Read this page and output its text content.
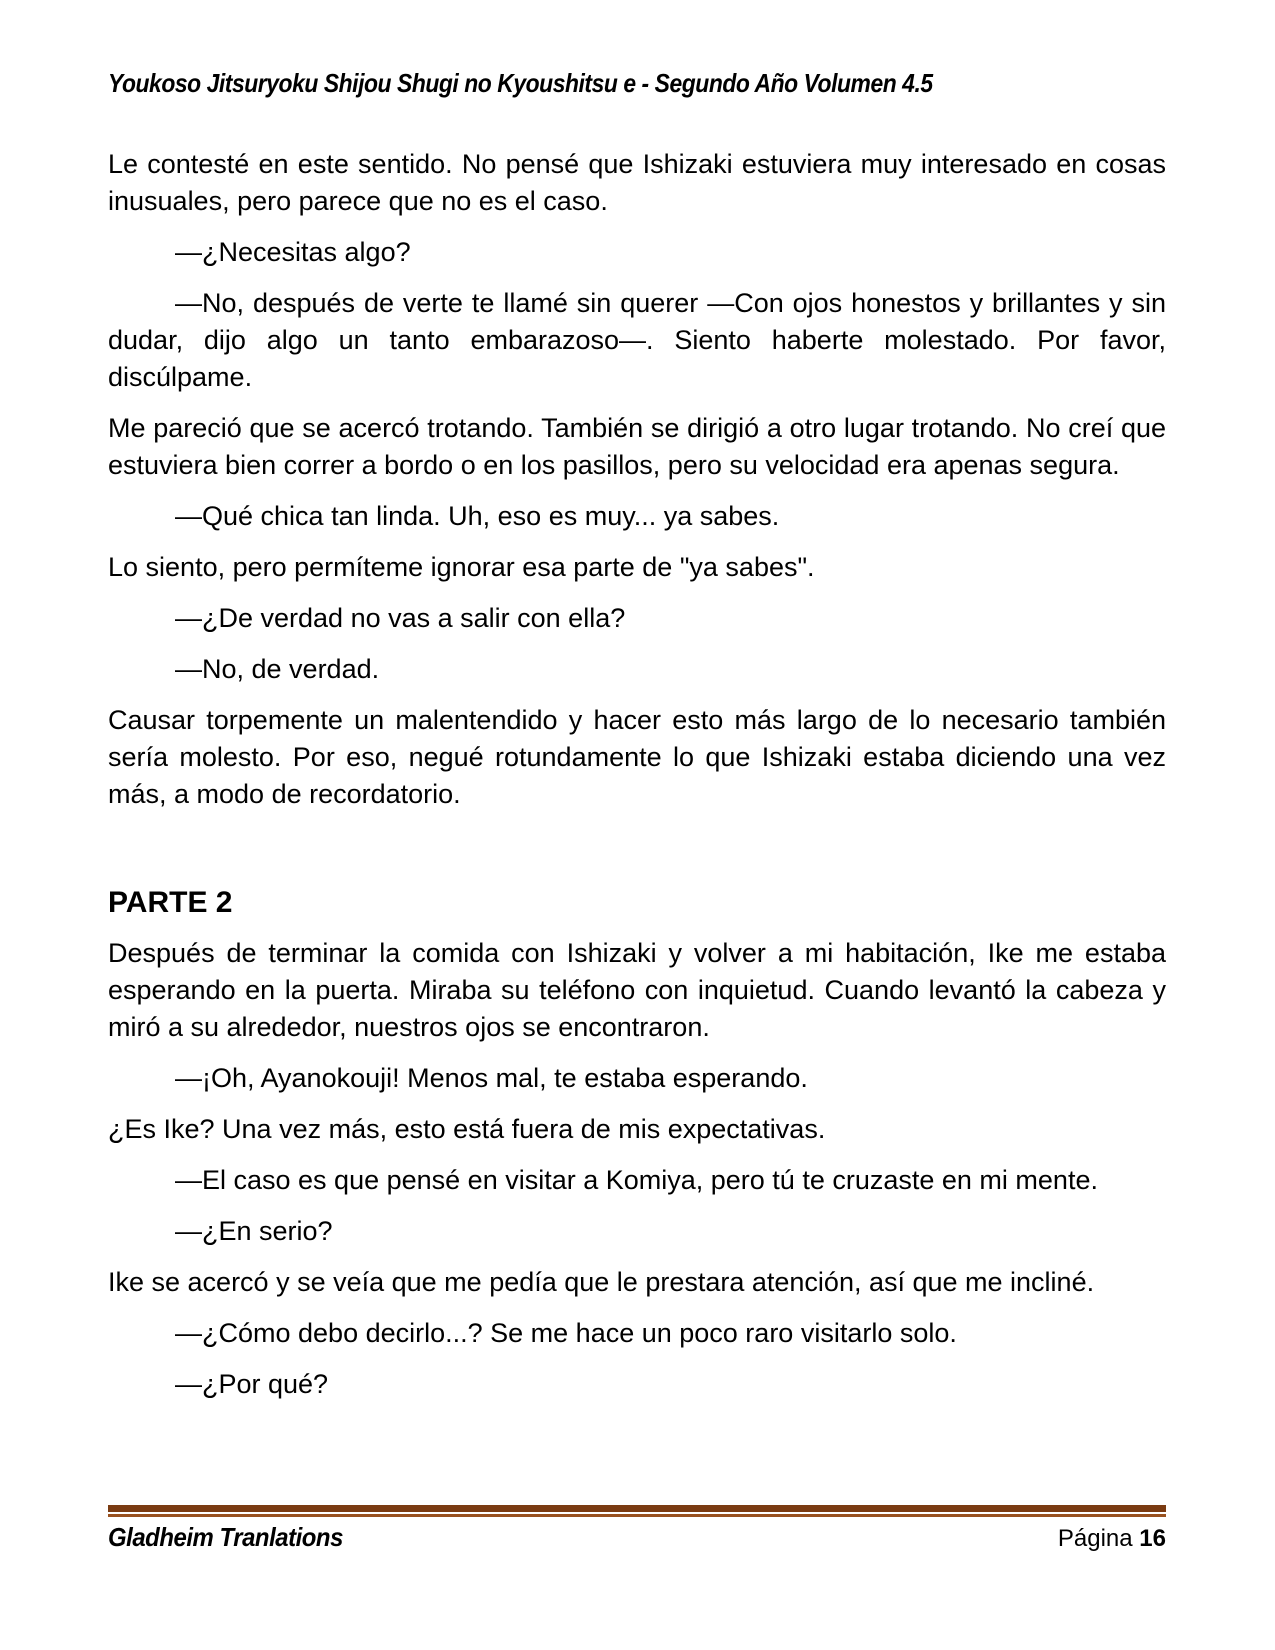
Youkoso Jitsuryoku Shijou Shugi no Kyoushitsu e - Segundo Año Volumen 4.5

Le contesté en este sentido. No pensé que Ishizaki estuviera muy interesado en cosas inusuales, pero parece que no es el caso.

—¿Necesitas algo?

—No, después de verte te llamé sin querer —Con ojos honestos y brillantes y sin dudar, dijo algo un tanto embarazoso—. Siento haberte molestado. Por favor, discúlpame.

Me pareció que se acercó trotando. También se dirigió a otro lugar trotando. No creí que estuviera bien correr a bordo o en los pasillos, pero su velocidad era apenas segura.

—Qué chica tan linda. Uh, eso es muy... ya sabes.

Lo siento, pero permíteme ignorar esa parte de "ya sabes".

—¿De verdad no vas a salir con ella?

—No, de verdad.

Causar torpemente un malentendido y hacer esto más largo de lo necesario también sería molesto. Por eso, negué rotundamente lo que Ishizaki estaba diciendo una vez más, a modo de recordatorio.

PARTE 2

Después de terminar la comida con Ishizaki y volver a mi habitación, Ike me estaba esperando en la puerta. Miraba su teléfono con inquietud. Cuando levantó la cabeza y miró a su alrededor, nuestros ojos se encontraron.

—¡Oh, Ayanokouji! Menos mal, te estaba esperando.

¿Es Ike? Una vez más, esto está fuera de mis expectativas.

—El caso es que pensé en visitar a Komiya, pero tú te cruzaste en mi mente.

—¿En serio?

Ike se acercó y se veía que me pedía que le prestara atención, así que me incliné.

—¿Cómo debo decirlo...? Se me hace un poco raro visitarlo solo.

—¿Por qué?

Gladheim Tranlations	Página 16
